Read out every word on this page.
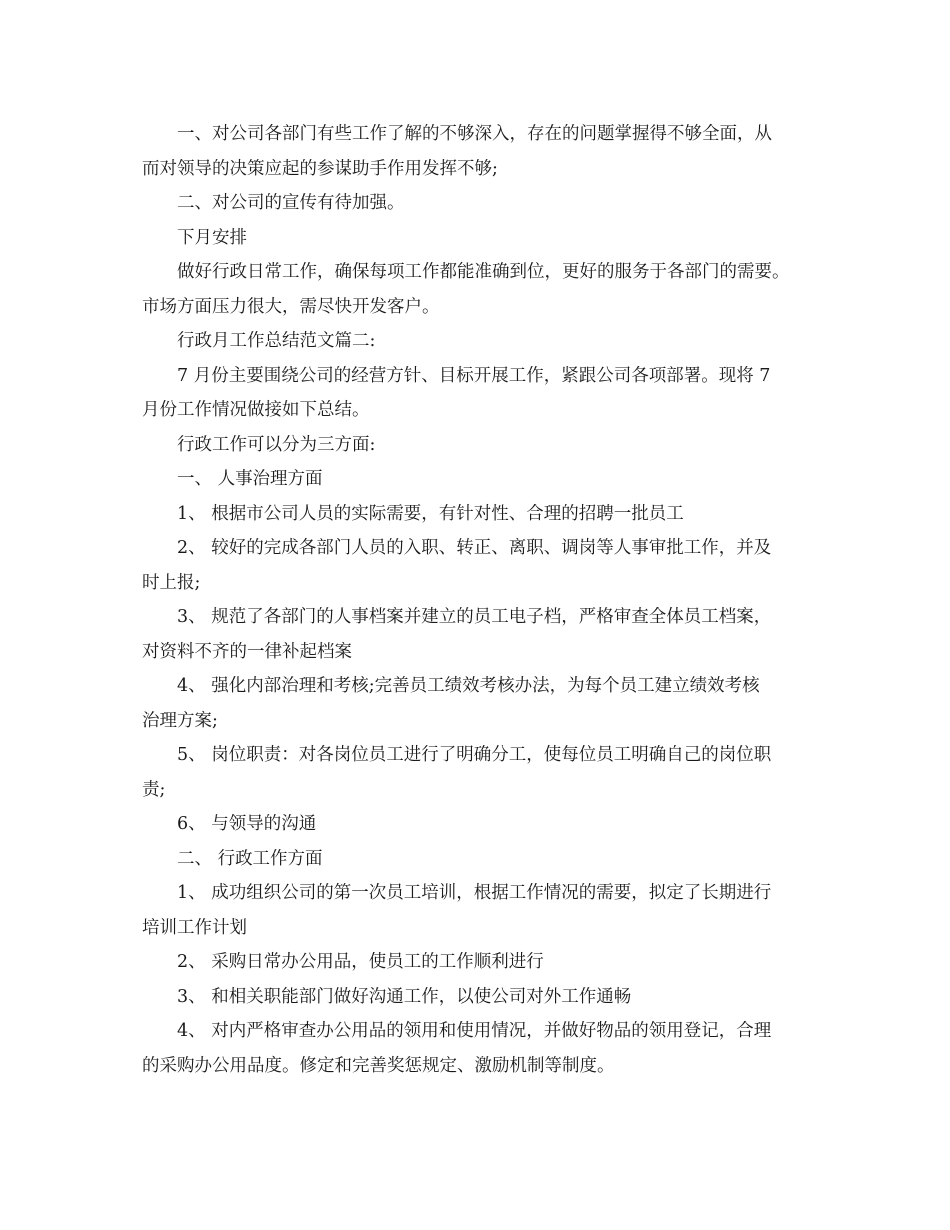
一、对公司各部门有些工作了解的不够深入，存在的问题掌握得不够全面，从
而对领导的决策应起的参谋助手作用发挥不够;
二、对公司的宣传有待加强。
下月安排
做好行政日常工作，确保每项工作都能准确到位，更好的服务于各部门的需要。
市场方面压力很大，需尽快开发客户。
行政月工作总结范文篇二:
7 月份主要围绕公司的经营方针、目标开展工作，紧跟公司各项部署。现将 7
月份工作情况做接如下总结。
行政工作可以分为三方面:
一、 人事治理方面
1、 根据市公司人员的实际需要，有针对性、合理的招聘一批员工
2、 较好的完成各部门人员的入职、转正、离职、调岗等人事审批工作，并及
时上报;
3、 规范了各部门的人事档案并建立的员工电子档，严格审查全体员工档案，
对资料不齐的一律补起档案
4、 强化内部治理和考核;完善员工绩效考核办法，为每个员工建立绩效考核
治理方案;
5、 岗位职责：对各岗位员工进行了明确分工，使每位员工明确自己的岗位职
责;
6、 与领导的沟通
二、 行政工作方面
1、 成功组织公司的第一次员工培训，根据工作情况的需要，拟定了长期进行
培训工作计划
2、 采购日常办公用品，使员工的工作顺利进行
3、 和相关职能部门做好沟通工作，以使公司对外工作通畅
4、 对内严格审查办公用品的领用和使用情况，并做好物品的领用登记，合理
的采购办公用品度。修定和完善奖惩规定、激励机制等制度。
